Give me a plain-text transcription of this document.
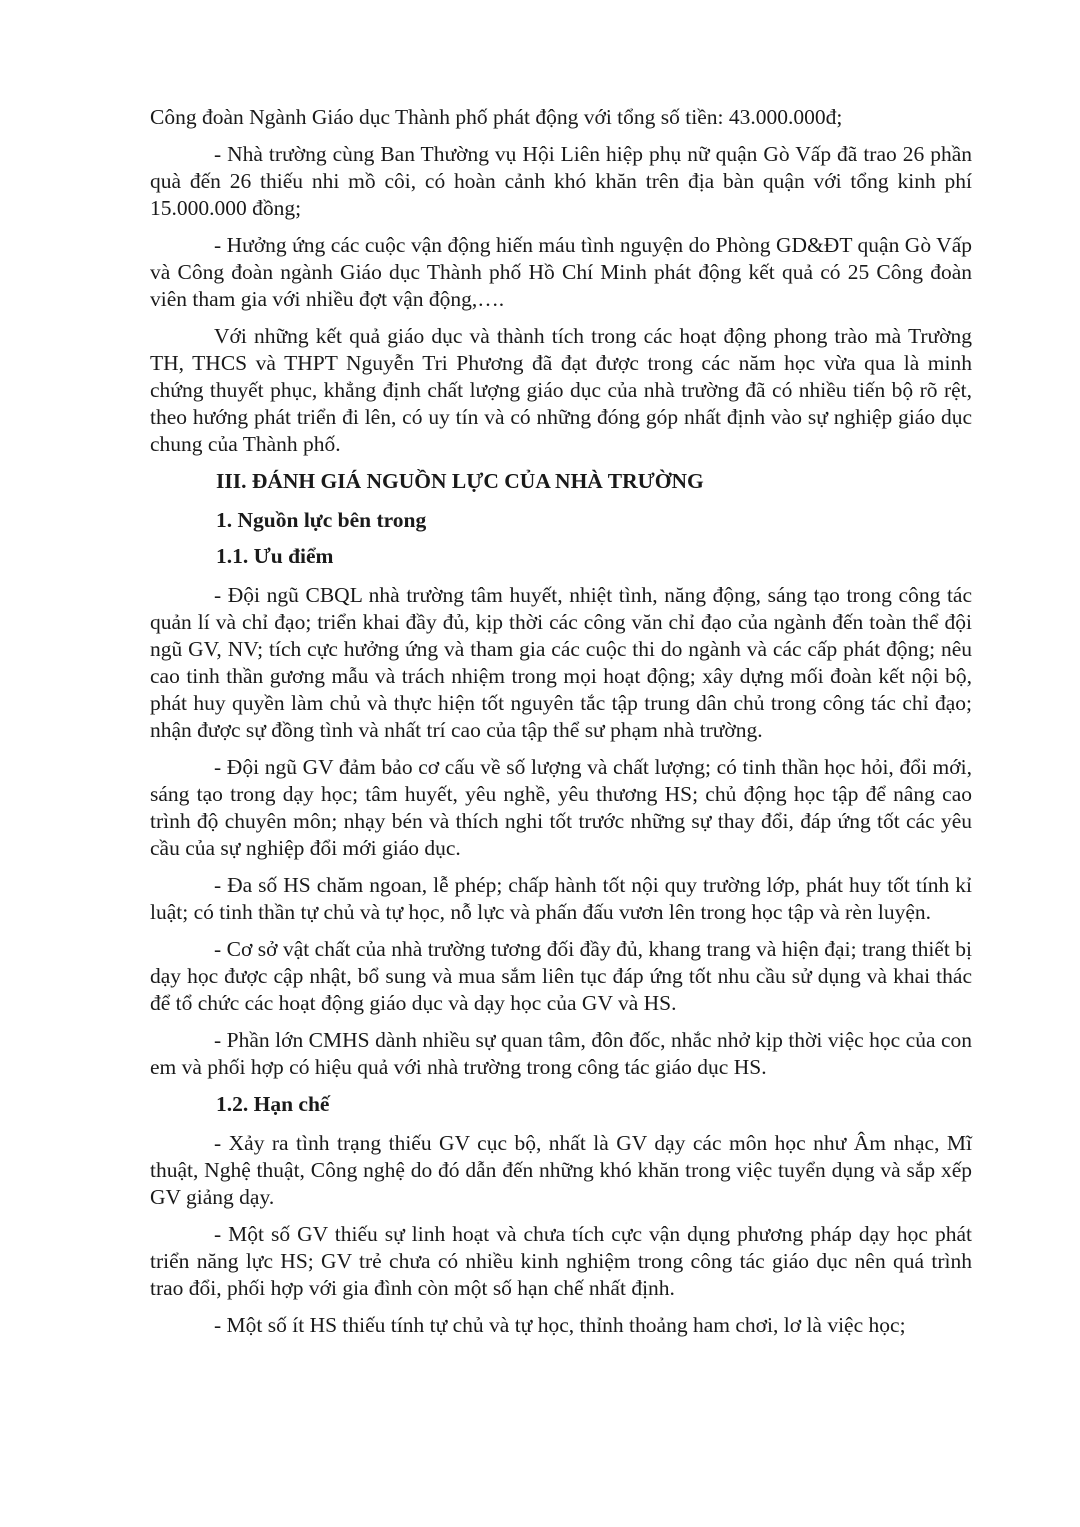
Công đoàn Ngành Giáo dục Thành phố phát động với tổng số tiền: 43.000.000đ;

- Nhà trường cùng Ban Thường vụ Hội Liên hiệp phụ nữ quận Gò Vấp đã trao 26 phần quà đến 26 thiếu nhi mồ côi, có hoàn cảnh khó khăn trên địa bàn quận với tổng kinh phí 15.000.000 đồng;

- Hưởng ứng các cuộc vận động hiến máu tình nguyện do Phòng GD&ĐT quận Gò Vấp và Công đoàn ngành Giáo dục Thành phố Hồ Chí Minh phát động kết quả có 25 Công đoàn viên tham gia với nhiều đợt vận động,….

Với những kết quả giáo dục và thành tích trong các hoạt động phong trào mà Trường TH, THCS và THPT Nguyễn Tri Phương đã đạt được trong các năm học vừa qua là minh chứng thuyết phục, khẳng định chất lượng giáo dục của nhà trường đã có nhiều tiến bộ rõ rệt, theo hướng phát triển đi lên, có uy tín và có những đóng góp nhất định vào sự nghiệp giáo dục chung của Thành phố.

III. ĐÁNH GIÁ NGUỒN LỰC CỦA NHÀ TRƯỜNG
1. Nguồn lực bên trong
1.1. Ưu điểm

- Đội ngũ CBQL nhà trường tâm huyết, nhiệt tình, năng động, sáng tạo trong công tác quản lí và chỉ đạo; triển khai đầy đủ, kịp thời các công văn chỉ đạo của ngành đến toàn thể đội ngũ GV, NV; tích cực hưởng ứng và tham gia các cuộc thi do ngành và các cấp phát động; nêu cao tinh thần gương mẫu và trách nhiệm trong mọi hoạt động; xây dựng mối đoàn kết nội bộ, phát huy quyền làm chủ và thực hiện tốt nguyên tắc tập trung dân chủ trong công tác chỉ đạo; nhận được sự đồng tình và nhất trí cao của tập thể sư phạm nhà trường.

- Đội ngũ GV đảm bảo cơ cấu về số lượng và chất lượng; có tinh thần học hỏi, đổi mới, sáng tạo trong dạy học; tâm huyết, yêu nghề, yêu thương HS; chủ động học tập để nâng cao trình độ chuyên môn; nhạy bén và thích nghi tốt trước những sự thay đổi, đáp ứng tốt các yêu cầu của sự nghiệp đổi mới giáo dục.

- Đa số HS chăm ngoan, lễ phép; chấp hành tốt nội quy trường lớp, phát huy tốt tính kỉ luật; có tinh thần tự chủ và tự học, nỗ lực và phấn đấu vươn lên trong học tập và rèn luyện.

- Cơ sở vật chất của nhà trường tương đối đầy đủ, khang trang và hiện đại; trang thiết bị dạy học được cập nhật, bổ sung và mua sắm liên tục đáp ứng tốt nhu cầu sử dụng và khai thác để tổ chức các hoạt động giáo dục và dạy học của GV và HS.

- Phần lớn CMHS dành nhiều sự quan tâm, đôn đốc, nhắc nhở kịp thời việc học của con em và phối hợp có hiệu quả với nhà trường trong công tác giáo dục HS.

1.2. Hạn chế

- Xảy ra tình trạng thiếu GV cục bộ, nhất là GV dạy các môn học như Âm nhạc, Mĩ thuật, Nghệ thuật, Công nghệ do đó dẫn đến những khó khăn trong việc tuyển dụng và sắp xếp GV giảng dạy.

- Một số GV thiếu sự linh hoạt và chưa tích cực vận dụng phương pháp dạy học phát triển năng lực HS; GV trẻ chưa có nhiều kinh nghiệm trong công tác giáo dục nên quá trình trao đổi, phối hợp với gia đình còn một số hạn chế nhất định.

- Một số ít HS thiếu tính tự chủ và tự học, thỉnh thoảng ham chơi, lơ là việc học;
